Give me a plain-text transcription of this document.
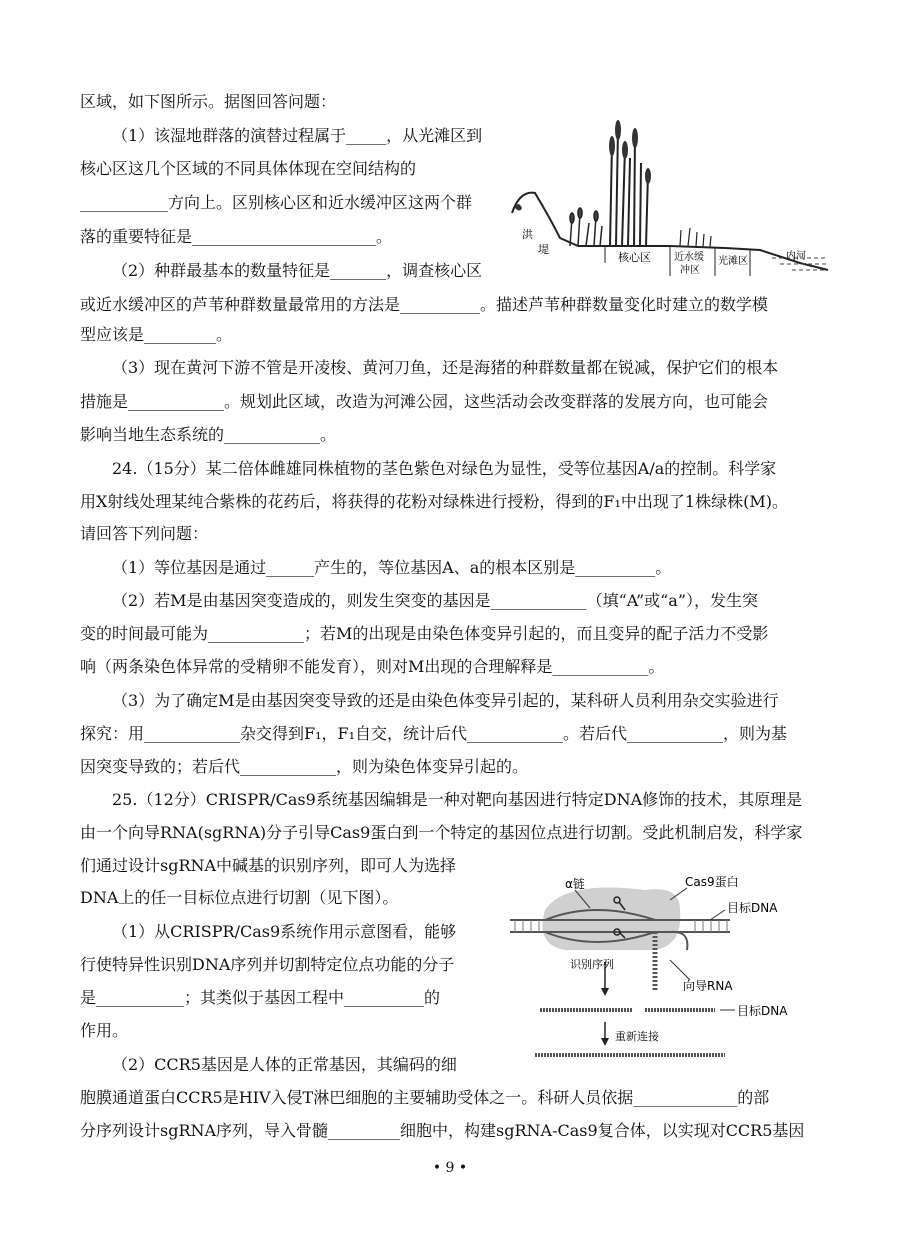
区域，如下图所示。据图回答问题：
（1）该湿地群落的演替过程属于_____，从光滩区到
核心区这几个区域的不同具体体现在空间结构的
___________方向上。区别核心区和近水缓冲区这两个群
落的重要特征是_______________________。
（2）种群最基本的数量特征是_______，调查核心区
或近水缓冲区的芦苇种群数量最常用的方法是__________。描述芦苇种群数量变化时建立的数学模
型应该是_________。
（3）现在黄河下游不管是开凌梭、黄河刀鱼，还是海猪的种群数量都在锐减，保护它们的根本
措施是____________。规划此区域，改造为河滩公园，这些活动会改变群落的发展方向，也可能会
影响当地生态系统的____________。
24.（15分）某二倍体雌雄同株植物的茎色紫色对绿色为显性，受等位基因A/a的控制。科学家
用X射线处理某纯合紫株的花药后，将获得的花粉对绿株进行授粉，得到的F₁中出现了1株绿株(M)。
请回答下列问题：
（1）等位基因是通过______产生的，等位基因A、a的根本区别是__________。
（2）若M是由基因突变造成的，则发生突变的基因是____________（填“A”或“a”），发生突
变的时间最可能为____________；若M的出现是由染色体变异引起的，而且变异的配子活力不受影
响（两条染色体异常的受精卵不能发育），则对M出现的合理解释是____________。
（3）为了确定M是由基因突变导致的还是由染色体变异引起的，某科研人员利用杂交实验进行
探究：用____________杂交得到F₁，F₁自交，统计后代____________。若后代____________，则为基
因突变导致的；若后代____________，则为染色体变异引起的。
25.（12分）CRISPR/Cas9系统基因编辑是一种对靶向基因进行特定DNA修饰的技术，其原理是
由一个向导RNA(sgRNA)分子引导Cas9蛋白到一个特定的基因位点进行切割。受此机制启发，科学家
们通过设计sgRNA中碱基的识别序列，即可人为选择
DNA上的任一目标位点进行切割（见下图）。
（1）从CRISPR/Cas9系统作用示意图看，能够
行使特异性识别DNA序列并切割特定位点功能的分子
是___________；其类似于基因工程中__________的
作用。
（2）CCR5基因是人体的正常基因，其编码的细
胞膜通道蛋白CCR5是HIV入侵T淋巴细胞的主要辅助受体之一。科研人员依据_____________的部
分序列设计sgRNA序列，导入骨髓_________细胞中，构建sgRNA-Cas9复合体，以实现对CCR5基因
洪
堤
核心区 近水缓
冲区
光滩区	内河
α链	Cas9蛋白
目标DNA
识别序列
向导RNA
目标DNA
重新连接
• 9 •
